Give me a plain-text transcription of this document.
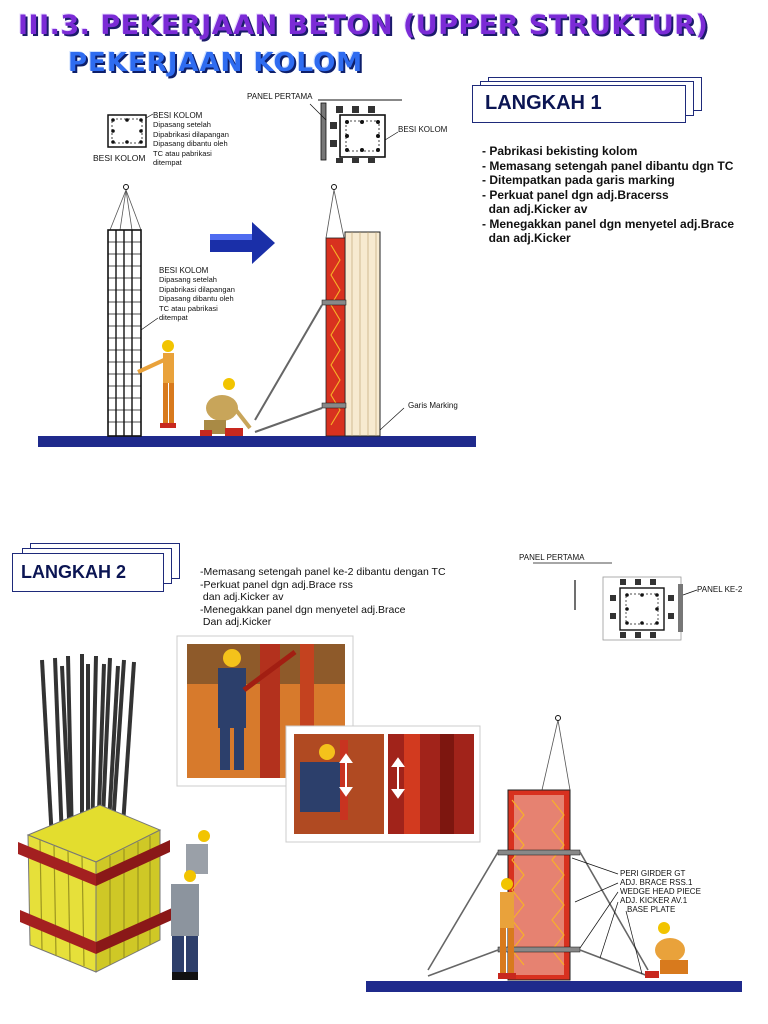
III.3. PEKERJAAN BETON (UPPER STRUKTUR)
PEKERJAAN KOLOM
LANGKAH 1
- Pabrikasi bekisting kolom
- Memasang setengah panel dibantu dgn TC
- Ditempatkan pada garis marking
- Perkuat panel dgn adj.Bracerss
dan adj.Kicker av
- Menegakkan panel dgn menyetel adj.Brace
dan adj.Kicker
BESI KOLOM
Dipasang setelah
Dipabrikasi dilapangan
Dipasang dibantu oleh
TC atau pabrikasi
ditempat
BESI KOLOM
BESI KOLOM
Dipasang setelah
Dipabrikasi dilapangan
Dipasang dibantu oleh
TC atau pabrikasi
ditempat
PANEL PERTAMA
BESI KOLOM
Garis Marking
LANGKAH 2	-Memasang setengah panel ke-2 dibantu dengan TC
-Perkuat panel dgn adj.Brace rss
dan adj.Kicker av
-Menegakkan panel dgn menyetel adj.Brace
Dan adj.Kicker
PANEL PERTAMA
PANEL KE-2
PERI GIRDER GT
ADJ. BRACE RSS.1
WEDGE HEAD PIECE
ADJ. KICKER AV.1
BASE PLATE
